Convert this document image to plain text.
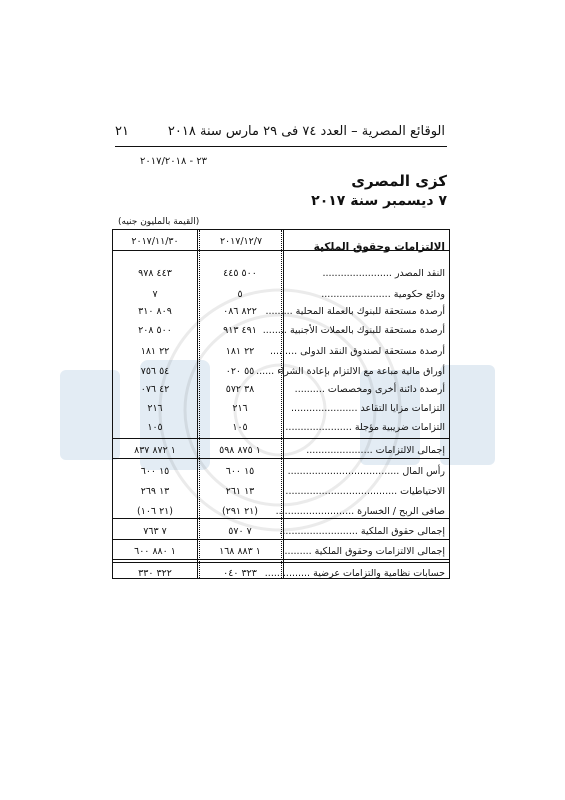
الوقائع المصرية – العدد ٧٤ فى ٢٩ مارس سنة ٢٠١٨
٢١
٢٣ - ٢٠١٧/٢٠١٨
كزى المصرى
٧ ديسمبر سنة ٢٠١٧
(القيمة بالمليون جنيه)
٢٠١٧/١٢/٧
٢٠١٧/١١/٣٠	الالتزامات وحقوق الملكية
النقد المصدر .......................
٥٠٠ ٤٤٥
٤٤٣ ٩٧٨
ودائع حكومية .......................
٥
٧
أرصدة مستحقة للبنوك بالعملة المحلية .........
٨٢٢ ٠٨٦
٨٠٩ ٣١٠
أرصدة مستحقة للبنوك بالعملات الأجنبية ........
٤٩١ ٩١٣
٥٠٠ ٢٠٨
أرصدة مستحقة لصندوق النقد الدولى .........
٢٢ ١٨١
٢٢ ١٨١
أوراق مالية مباعة مع الالتزام بإعادة الشراء ......
٥٥ ٠٢٠
٥٤ ٧٥٦
أرصدة دائنة أخرى ومخصصات ..........
٣٨ ٥٧٢
٤٢ ٠٧٦
التزامات مزايا التقاعد ......................
٢١٦
٢١٦
التزامات ضريبية مؤجلة ......................
١٠٥
١٠٥
إجمالى الالتزامات ......................
١ ٨٧٥ ٥٩٨
١ ٨٧٢ ٨٣٧
رأس المال .....................................
١٥ ٦٠٠
١٥ ٦٠٠
الاحتياطيات .....................................
١٣ ٢٦١
١٣ ٢٦٩
صافى الربح / الخسارة ..........................
(٢١ ٢٩١)
(٢١ ١٠٦)
إجمالى حقوق الملكية ..........................
٧ ٥٧٠
٧ ٧٦٣
إجمالى الالتزامات وحقوق الملكية .........
١ ٨٨٣ ١٦٨
١ ٨٨٠ ٦٠٠
حسابات نظامية والتزامات عرضية ...............
٣٢٣ ٠٤٠
٣٢٢ ٣٣٠
